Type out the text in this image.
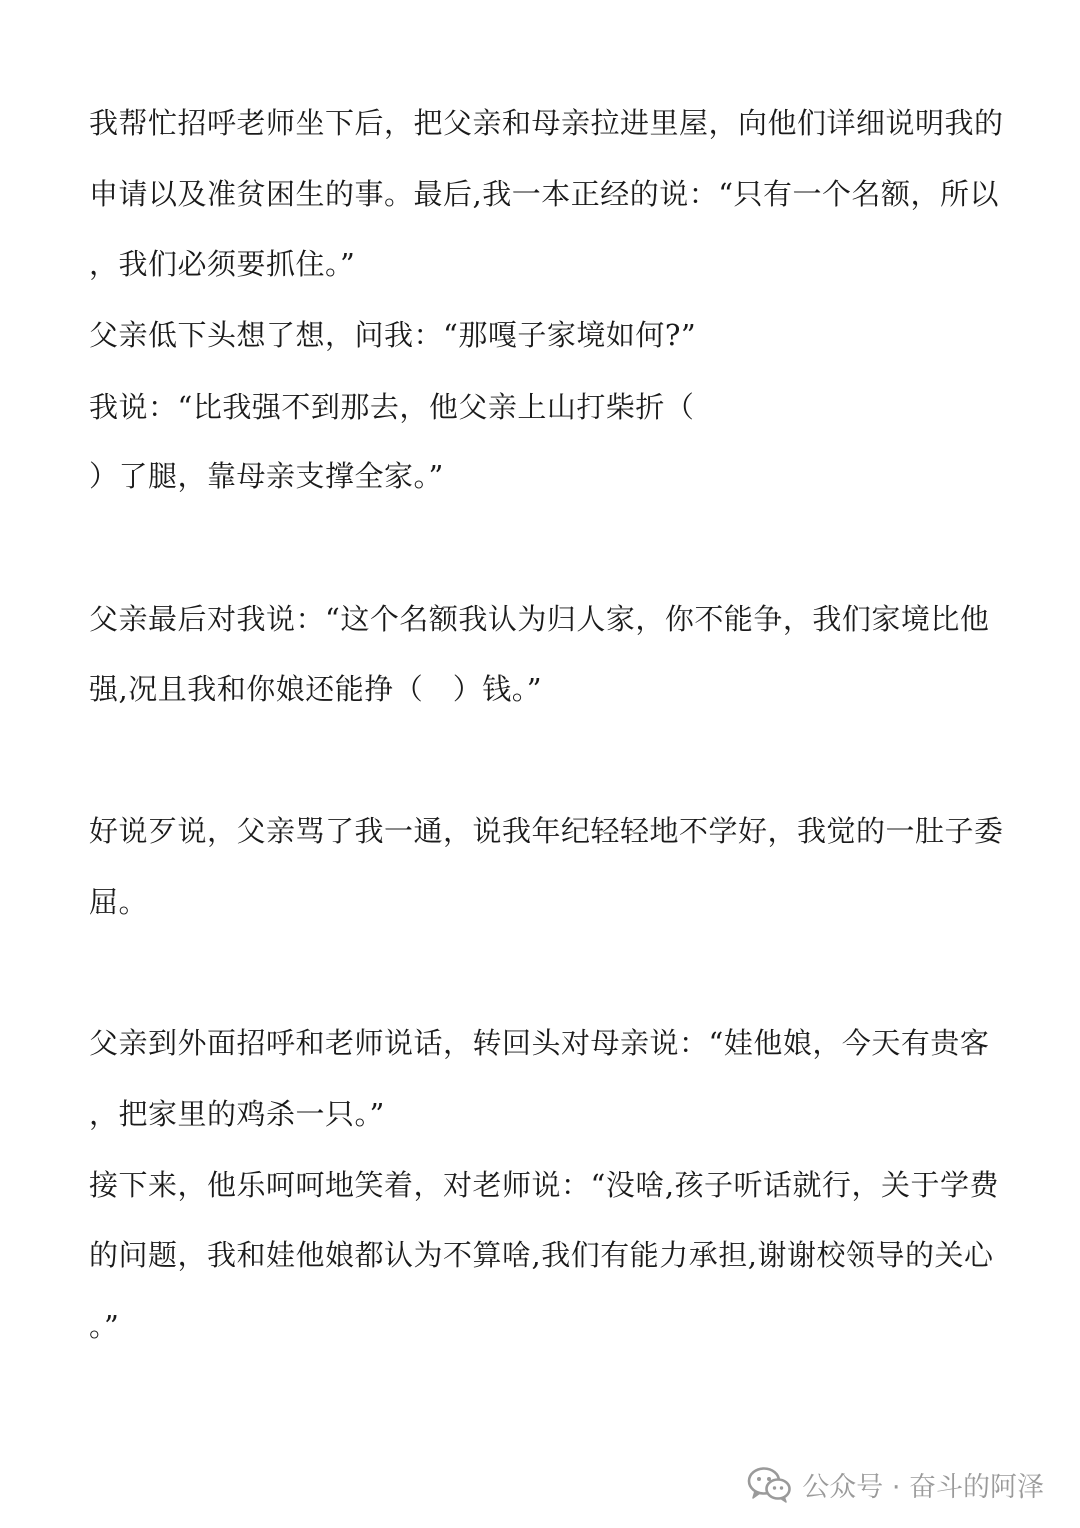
我帮忙招呼老师坐下后，把父亲和母亲拉进里屋，向他们详细说明我的
申请以及准贫困生的事。最后,我一本正经的说：“只有一个名额，所以
，我们必须要抓住。”
父亲低下头想了想，问我：“那嘎子家境如何?”
我说：“比我强不到那去，他父亲上山打柴折（
）了腿，靠母亲支撑全家。”
父亲最后对我说：“这个名额我认为归人家，你不能争，我们家境比他
强,况且我和你娘还能挣（　）钱。”
好说歹说，父亲骂了我一通，说我年纪轻轻地不学好，我觉的一肚子委
屈。
父亲到外面招呼和老师说话，转回头对母亲说：“娃他娘，今天有贵客
，把家里的鸡杀一只。”
接下来，他乐呵呵地笑着，对老师说：“没啥,孩子听话就行，关于学费
的问题，我和娃他娘都认为不算啥,我们有能力承担,谢谢校领导的关心
。”
公众号 · 奋斗的阿泽
